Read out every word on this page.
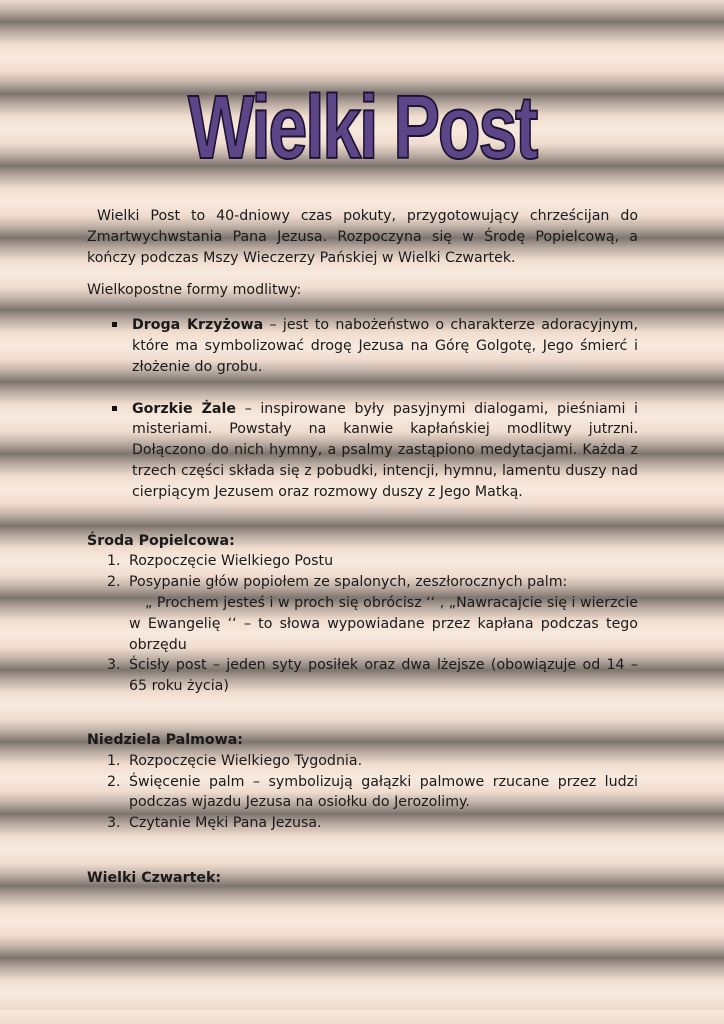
Wielki Post

Wielki Post to 40-dniowy czas pokuty, przygotowujący chrześcijan do Zmartwychwstania Pana Jezusa. Rozpoczyna się w Środę Popielcową, a kończy podczas Mszy Wieczerzy Pańskiej w Wielki Czwartek.

Wielkopostne formy modlitwy:

Droga Krzyżowa – jest to nabożeństwo o charakterze adoracyjnym, które ma symbolizować drogę Jezusa na Górę Golgotę, Jego śmierć i złożenie do grobu.
Gorzkie Żale – inspirowane były pasyjnymi dialogami, pieśniami i misteriami. Powstały na kanwie kapłańskiej modlitwy jutrzni. Dołączono do nich hymny, a psalmy zastąpiono medytacjami. Każda z trzech części składa się z pobudki, intencji, hymnu, lamentu duszy nad cierpiącym Jezusem oraz rozmowy duszy z Jego Matką.

Środa Popielcowa:

1. Rozpoczęcie Wielkiego Postu
2. Posypanie głów popiołem ze spalonych, zeszłorocznych palm:
„ Prochem jesteś i w proch się obrócisz ‘‘ , „Nawracajcie się i wierzcie w Ewangelię ‘‘ – to słowa wypowiadane przez kapłana podczas tego obrzędu
3. Ścisły post – jeden syty posiłek oraz dwa lżejsze (obowiązuje od 14 – 65 roku życia)

Niedziela Palmowa:

1. Rozpoczęcie Wielkiego Tygodnia.
2. Święcenie palm – symbolizują gałązki palmowe rzucane przez ludzi podczas wjazdu Jezusa na osiołku do Jerozolimy.
3. Czytanie Męki Pana Jezusa.

Wielki Czwartek:
